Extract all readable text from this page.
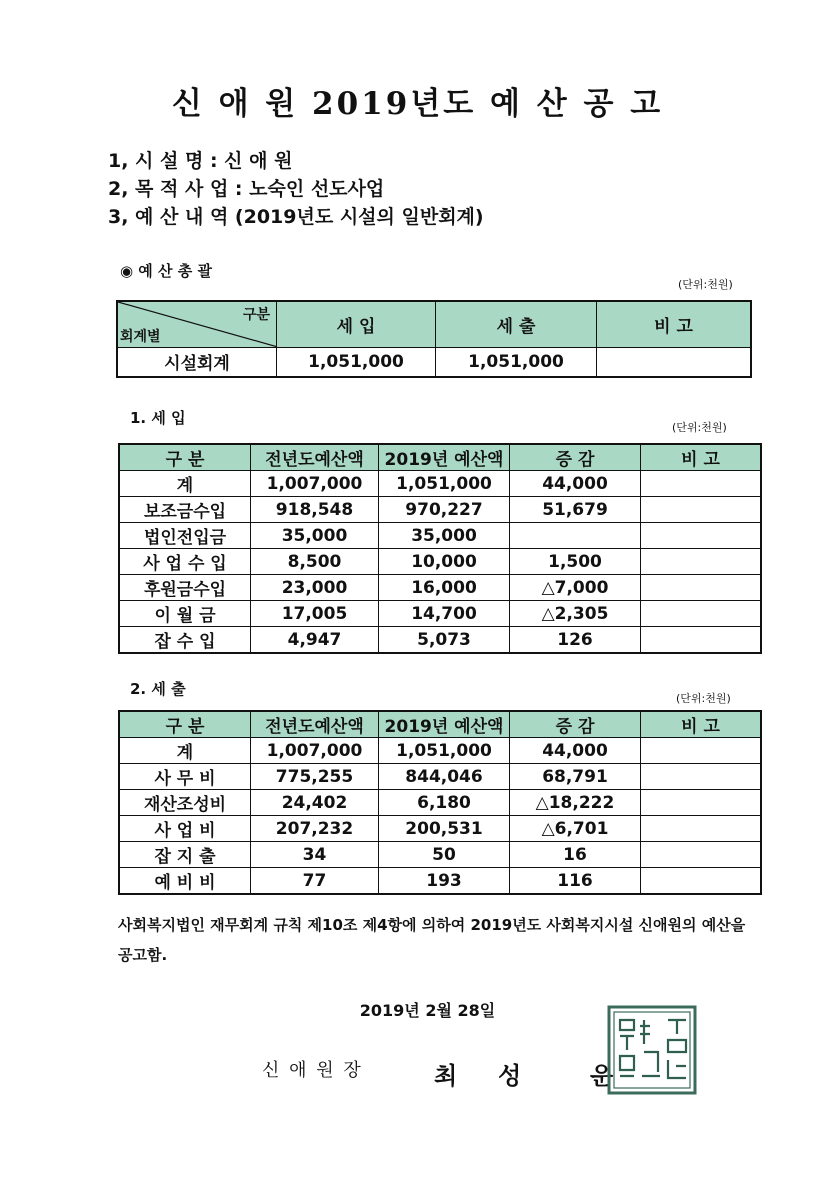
신 애 원 2019년도 예 산 공 고
1, 시 설 명 : 신 애 원
2, 목 적 사 업 : 노숙인 선도사업
3, 예 산 내 역 (2019년도 시설의 일반회계)
◉ 예 산 총 괄
(단위:천원)
구분
회계별	세 입	세 출	비 고
시설회계	1,051,000	1,051,000	
1. 세 입
(단위:천원)
구 분	전년도예산액	2019년 예산액	증 감	비 고
계	1,007,000	1,051,000	44,000	
보조금수입	918,548	970,227	51,679	
법인전입금	35,000	35,000		
사 업 수 입	8,500	10,000	1,500	
후원금수입	23,000	16,000	△7,000	
이 월 금	17,005	14,700	△2,305	
잡 수 입	4,947	5,073	126	
2. 세 출
(단위:천원)
구 분	전년도예산액	2019년 예산액	증 감	비 고
계	1,007,000	1,051,000	44,000	
사 무 비	775,255	844,046	68,791	
재산조성비	24,402	6,180	△18,222	
사 업 비	207,232	200,531	△6,701	
잡 지 출	34	50	16	
예 비 비	77	193	116	
사회복지법인 재무회계 규칙 제10조 제4항에 의하여 2019년도 사회복지시설 신애원의 예산을 공고함.
2019년 2월 28일
신 애 원 장	최 성	운
